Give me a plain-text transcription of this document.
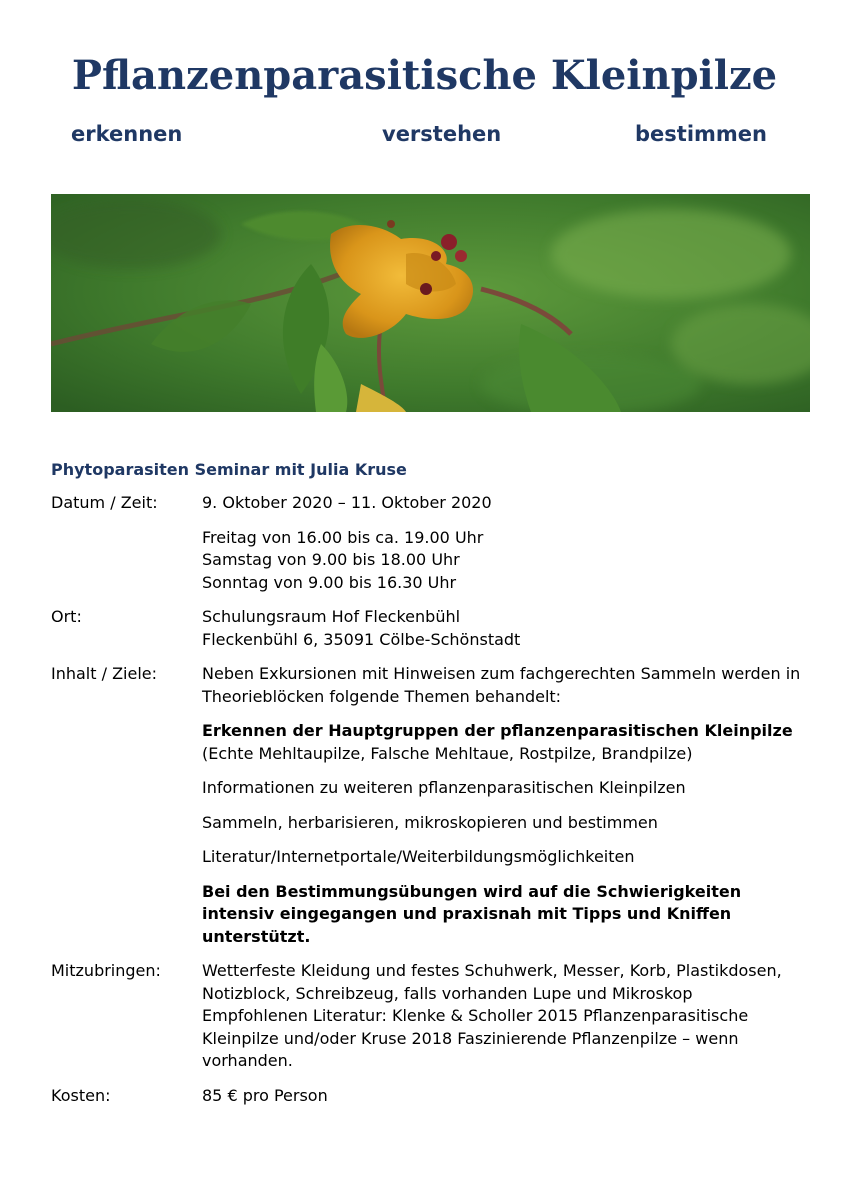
Pflanzenparasitische Kleinpilze
erkennen	verstehen	bestimmen
Phytoparasiten Seminar mit Julia Kruse
Datum / Zeit:	9. Oktober 2020 – 11. Oktober 2020
Freitag von 16.00 bis ca. 19.00 Uhr
Samstag von 9.00 bis 18.00 Uhr
Sonntag von 9.00 bis 16.30 Uhr
Ort:	Schulungsraum Hof Fleckenbühl
Fleckenbühl 6, 35091 Cölbe-Schönstadt
Inhalt / Ziele:	Neben Exkursionen mit Hinweisen zum fachgerechten Sammeln werden in Theorieblöcken folgende Themen behandelt:
Erkennen der Hauptgruppen der pflanzenparasitischen Kleinpilze (Echte Mehltaupilze, Falsche Mehltaue, Rostpilze, Brandpilze)
Informationen zu weiteren pflanzenparasitischen Kleinpilzen
Sammeln, herbarisieren, mikroskopieren und bestimmen
Literatur/Internetportale/Weiterbildungsmöglichkeiten
Bei den Bestimmungsübungen wird auf die Schwierigkeiten intensiv eingegangen und praxisnah mit Tipps und Kniffen unterstützt.
Mitzubringen:	Wetterfeste Kleidung und festes Schuhwerk, Messer, Korb, Plastikdosen, Notizblock, Schreibzeug, falls vorhanden Lupe und Mikroskop
Empfohlenen Literatur: Klenke & Scholler 2015 Pflanzenparasitische Kleinpilze und/oder Kruse 2018 Faszinierende Pflanzenpilze – wenn vorhanden.
Kosten:	85 € pro Person
